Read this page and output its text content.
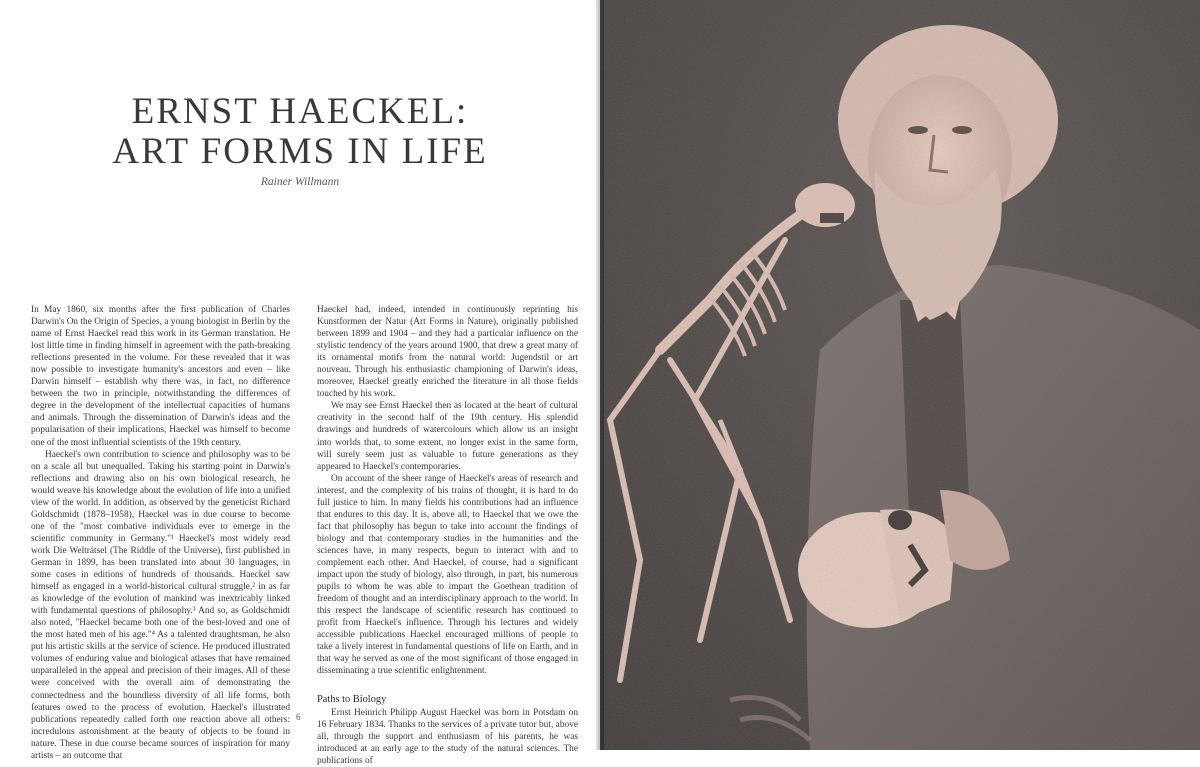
ERNST HAECKEL:
ART FORMS IN LIFE
Rainer Willmann

In May 1860, six months after the first publication of Charles Darwin's On the Origin of Species, a young biologist in Berlin by the name of Ernst Haeckel read this work in its German translation. He lost little time in finding himself in agreement with the path-breaking reflections presented in the volume. For these revealed that it was now possible to investigate humanity's ancestors and even – like Darwin himself – establish why there was, in fact, no difference between the two in principle, notwithstanding the differences of degree in the development of the intellectual capacities of humans and animals. Through the dissemination of Darwin's ideas and the popularisation of their implications, Haeckel was himself to become one of the most influential scientists of the 19th century.

Haeckel's own contribution to science and philosophy was to be on a scale all but unequalled. Taking his starting point in Darwin's reflections and drawing also on his own biological research, he would weave his knowledge about the evolution of life into a unified view of the world. In addition, as observed by the geneticist Richard Goldschmidt (1878–1958), Haeckel was in due course to become one of the "most combative individuals ever to emerge in the scientific community in Germany."¹ Haeckel's most widely read work Die Welträtsel (The Riddle of the Universe), first published in German in 1899, has been translated into about 30 languages, in some cases in editions of hundreds of thousands. Haeckel saw himself as engaged in a world-historical cultural struggle,² in as far as knowledge of the evolution of mankind was inextricably linked with fundamental questions of philosophy.³ And so, as Goldschmidt also noted, "Haeckel became both one of the best-loved and one of the most hated men of his age."⁴ As a talented draughtsman, he also put his artistic skills at the service of science. He produced illustrated volumes of enduring value and biological atlases that have remained unparalleled in the appeal and precision of their images. All of these were conceived with the overall aim of demonstrating the connectedness and the boundless diversity of all life forms, both features owed to the process of evolution. Haeckel's illustrated publications repeatedly called forth one reaction above all others: incredulous astonishment at the beauty of objects to be found in nature. These in due course became sources of inspiration for many artists – an outcome that

Haeckel had, indeed, intended in continuously reprinting his Kunstformen der Natur (Art Forms in Nature), originally published between 1899 and 1904 – and they had a particular influence on the stylistic tendency of the years around 1900, that drew a great many of its ornamental motifs from the natural world: Jugendstil or art nouveau. Through his enthusiastic championing of Darwin's ideas, moreover, Haeckel greatly enriched the literature in all those fields touched by his work.

We may see Ernst Haeckel then as located at the heart of cultural creativity in the second half of the 19th century. His splendid drawings and hundreds of watercolours which allow us an insight into worlds that, to some extent, no longer exist in the same form, will surely seem just as valuable to future generations as they appeared to Haeckel's contemporaries.

On account of the sheer range of Haeckel's areas of research and interest, and the complexity of his trains of thought, it is hard to do full justice to him. In many fields his contributions had an influence that endures to this day. It is, above all, to Haeckel that we owe the fact that philosophy has begun to take into account the findings of biology and that contemporary studies in the humanities and the sciences have, in many respects, begun to interact with and to complement each other. And Haeckel, of course, had a significant impact upon the study of biology, also through, in part, his numerous pupils to whom he was able to impart the Goethean tradition of freedom of thought and an interdisciplinary approach to the world. In this respect the landscape of scientific research has continued to profit from Haeckel's influence. Through his lectures and widely accessible publications Haeckel encouraged millions of people to take a lively interest in fundamental questions of life on Earth, and in that way he served as one of the most significant of those engaged in disseminating a true scientific enlightenment.

Paths to Biology

Ernst Heinrich Philipp August Haeckel was born in Potsdam on 16 February 1834. Thanks to the services of a private tutor but, above all, through the support and enthusiasm of his parents, he was introduced at an early age to the study of the natural sciences. The publications of

6
